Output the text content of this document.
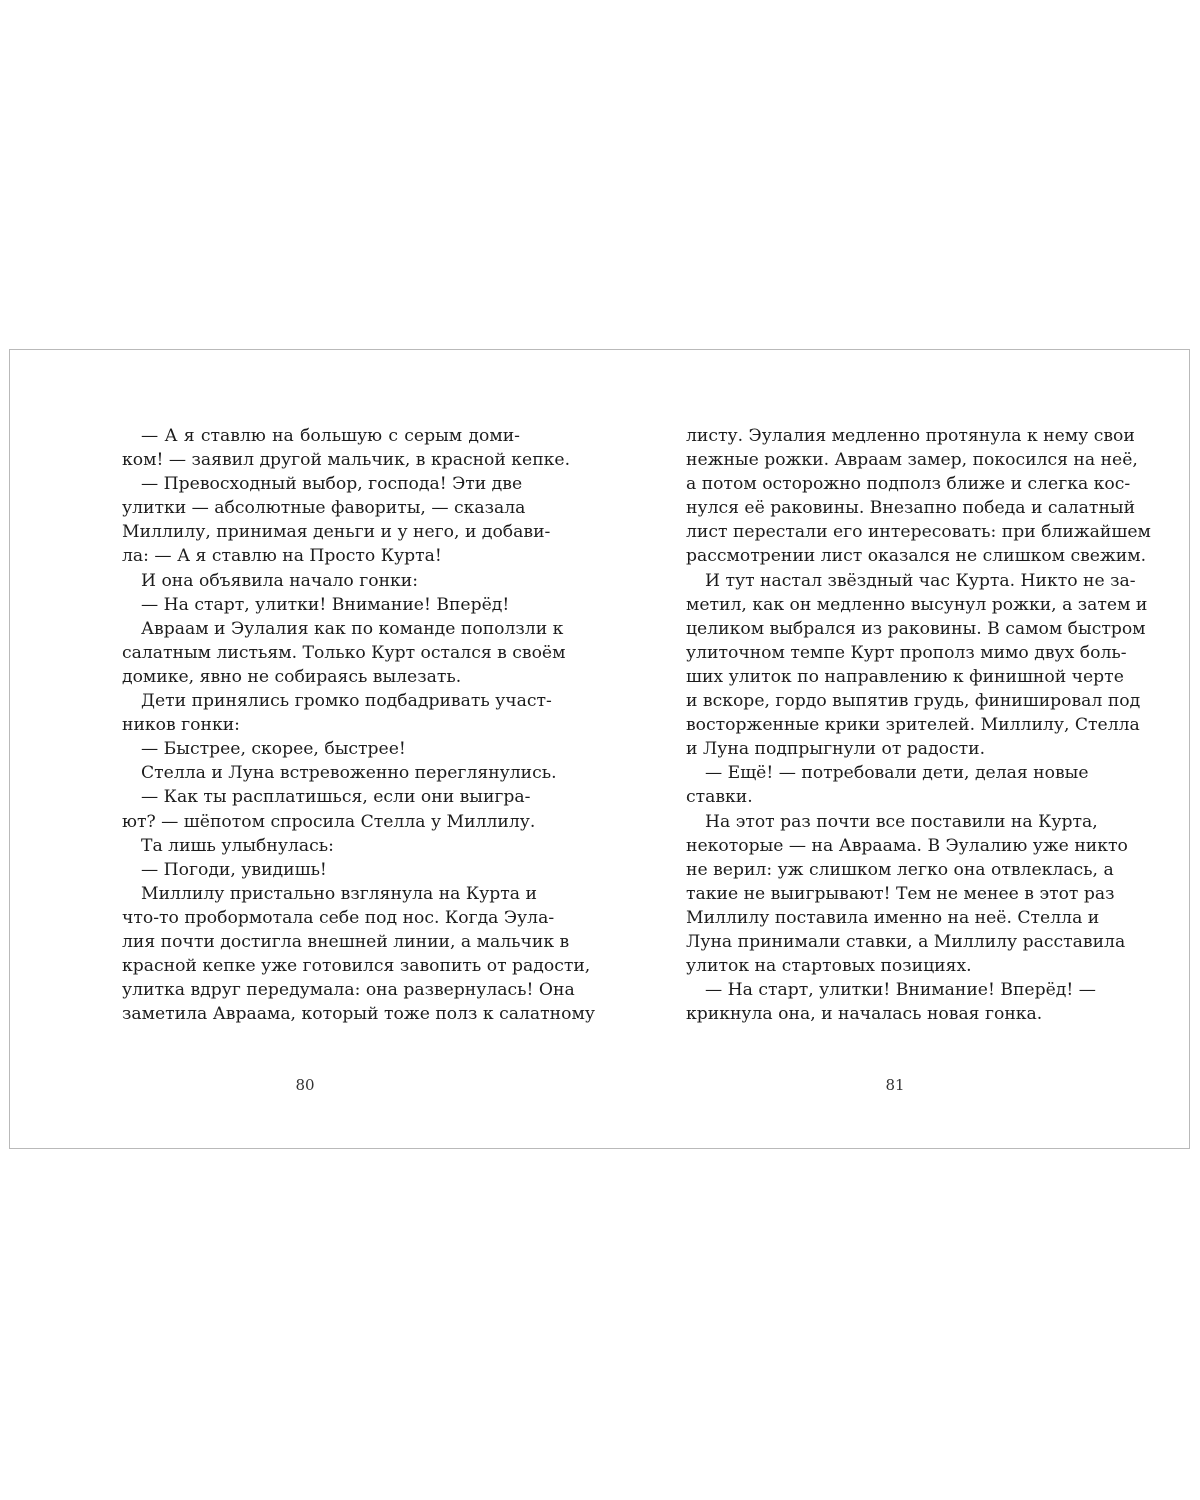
— А я ставлю на большую с серым доми-
ком! — заявил другой мальчик, в красной кепке.
— Превосходный выбор, господа! Эти две
улитки — абсолютные фавориты, — сказала
Миллилу, принимая деньги и у него, и добави-
ла: — А я ставлю на Просто Курта!
И она объявила начало гонки:
— На старт, улитки! Внимание! Вперёд!
Авраам и Эулалия как по команде поползли к
салатным листьям. Только Курт остался в своём
домике, явно не собираясь вылезать.
Дети принялись громко подбадривать участ-
ников гонки:
— Быстрее, скорее, быстрее!
Стелла и Луна встревоженно переглянулись.
— Как ты расплатишься, если они выигра-
ют? — шёпотом спросила Стелла у Миллилу.
Та лишь улыбнулась:
— Погоди, увидишь!
Миллилу пристально взглянула на Курта и
что-то пробормотала себе под нос. Когда Эула-
лия почти достигла внешней линии, а мальчик в
красной кепке уже готовился завопить от радости,
улитка вдруг передумала: она развернулась! Она
заметила Авраама, который тоже полз к салатному
листу. Эулалия медленно протянула к нему свои
нежные рожки. Авраам замер, покосился на неё,
а потом осторожно подполз ближе и слегка кос-
нулся её раковины. Внезапно победа и салатный
лист перестали его интересовать: при ближайшем
рассмотрении лист оказался не слишком свежим.
И тут настал звёздный час Курта. Никто не за-
метил, как он медленно высунул рожки, а затем и
целиком выбрался из раковины. В самом быстром
улиточном темпе Курт прополз мимо двух боль-
ших улиток по направлению к финишной черте
и вскоре, гордо выпятив грудь, финишировал под
восторженные крики зрителей. Миллилу, Стелла
и Луна подпрыгнули от радости.
— Ещё! — потребовали дети, делая новые
ставки.
На этот раз почти все поставили на Курта,
некоторые — на Авраама. В Эулалию уже никто
не верил: уж слишком легко она отвлеклась, а
такие не выигрывают! Тем не менее в этот раз
Миллилу поставила именно на неё. Стелла и
Луна принимали ставки, а Миллилу расставила
улиток на стартовых позициях.
— На старт, улитки! Внимание! Вперёд! —
крикнула она, и началась новая гонка.
80	81
